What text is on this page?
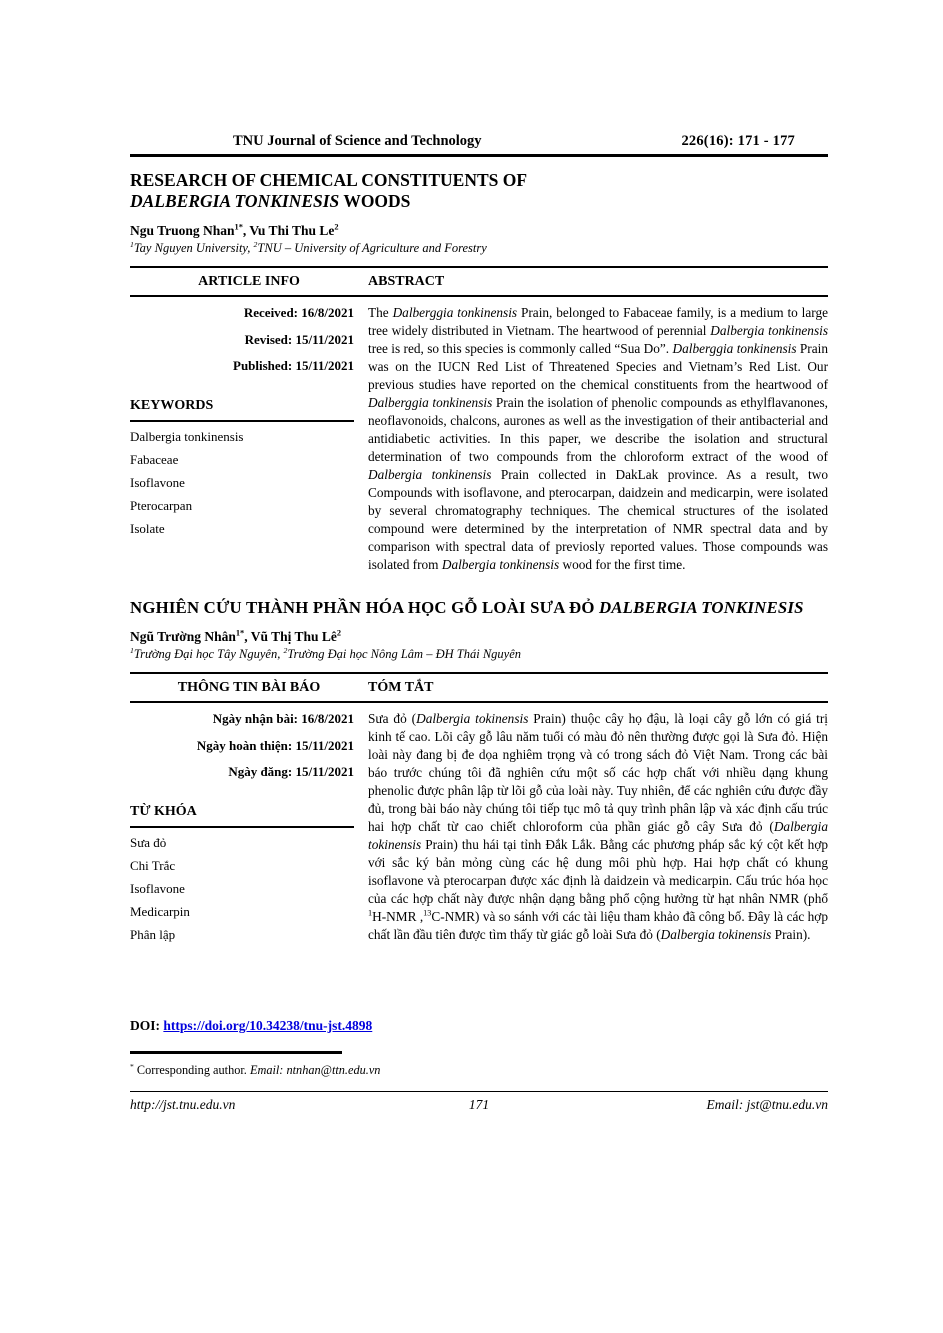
TNU Journal of Science and Technology	226(16): 171 - 177
RESEARCH OF CHEMICAL CONSTITUENTS OF
DALBERGIA TONKINESIS WOODS

Ngu Truong Nhan$^{1*}$, Vu Thi Thu Le$^2$

$^1$Tay Nguyen University, $^2$TNU – University of Agriculture and Forestry

ARTICLE INFO	ABSTRACT
Received: 16/8/2021
Revised: 15/11/2021
Published: 15/11/2021
KEYWORDS
Dalbergia tonkinensis
Fabaceae
Isoflavone
Pterocarpan
Isolate
The Dalberggia tonkinensis Prain, belonged to Fabaceae family, is a medium to large tree widely distributed in Vietnam. The heartwood of perennial Dalbergia tonkinensis tree is red, so this species is commonly called “Sua Do”. Dalberggia tonkinensis Prain was on the IUCN Red List of Threatened Species and Vietnam’s Red List. Our previous studies have reported on the chemical constituents from the heartwood of Dalberggia tonkinensis Prain the isolation of phenolic compounds as ethylflavanones, neoflavonoids, chalcons, aurones as well as the investigation of their antibacterial and antidiabetic activities. In this paper, we describe the isolation and structural determination of two compounds from the chloroform extract of the wood of Dalbergia tonkinensis Prain collected in DakLak province. As a result, two Compounds with isoflavone, and pterocarpan, daidzein and medicarpin, were isolated by several chromatography techniques. The chemical structures of the isolated compound were determined by the interpretation of NMR spectral data and by comparison with spectral data of previosly reported values. Those compounds was isolated from Dalbergia tonkinensis wood for the first time.
NGHIÊN CỨU THÀNH PHẦN HÓA HỌC GỖ LOÀI SƯA ĐỎ DALBERGIA TONKINESIS

Ngũ Trường Nhân$^{1*}$, Vũ Thị Thu $Lê^2$

$^1$Trường Đại học Tây Nguyên, $^2$Trường Đại học Nông Lâm – ĐH Thái Nguyên

THÔNG TIN BÀI BÁO	TÓM TẮT
Ngày nhận bài: 16/8/2021
Ngày hoàn thiện: 15/11/2021
Ngày đăng: 15/11/2021
TỪ KHÓA
Sưa đỏ
Chi Trắc
Isoflavone
Medicarpin
Phân lập
Sưa đỏ (Dalbergia tokinensis Prain) thuộc cây họ đậu, là loại cây gỗ lớn có giá trị kinh tế cao. Lõi cây gỗ lâu năm tuổi có màu đỏ nên thường được gọi là Sưa đỏ. Hiện loài này đang bị đe dọa nghiêm trọng và có trong sách đỏ Việt Nam. Trong các bài báo trước chúng tôi đã nghiên cứu một số các hợp chất với nhiều dạng khung phenolic được phân lập từ lõi gỗ của loài này. Tuy nhiên, để các nghiên cứu được đầy đủ, trong bài báo này chúng tôi tiếp tục mô tả quy trình phân lập và xác định cấu trúc hai hợp chất từ cao chiết chloroform của phần giác gỗ cây Sưa đỏ (Dalbergia tokinensis Prain) thu hái tại tỉnh Đắk Lắk. Bằng các phương pháp sắc ký cột kết hợp với sắc ký bản mỏng cùng các hệ dung môi phù hợp. Hai hợp chất có khung isoflavone và pterocarpan được xác định là daidzein và medicarpin. Cấu trúc hóa học của các hợp chất này được nhận dạng bằng phổ cộng hưởng từ hạt nhân NMR (phổ $^1$H-NMR ,$^{13}$C-NMR) và so sánh với các tài liệu tham khảo đã công bố. Đây là các hợp chất lần đầu tiên được tìm thấy từ giác gỗ loài Sưa đỏ (Dalbergia tokinensis Prain).
DOI: https://doi.org/10.34238/tnu-jst.4898

* Corresponding author. Email: ntnhan@ttn.edu.vn

http://jst.tnu.edu.vn	171	Email: jst@tnu.edu.vn
